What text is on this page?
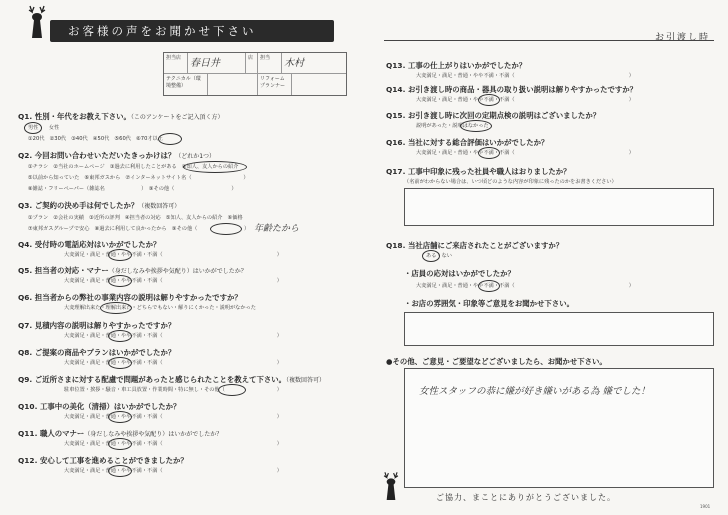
お客様の声をお聞かせ下さい	お引渡し時
担当店 春日井	店	担当	木村
テクニカル（環境整備）
リフォーム プランナー
Q1. 性別・年代をお教え下さい。（このアンケートをご記入頂く方）
男性　　女性
①20代　②30代　③40代　④50代　⑤60代　⑥70才以上
Q2. 今回お問い合わせいただいたきっかけは？（どれか1つ）
①チラシ　②当社のホームページ　③過去に利用したことがある　④知人、友人からの紹介
⑤以前から知っていた　⑥東邦ガスから　⑦インターネットサイト名（　　　　　　　　　　）
⑧雑誌・フリーペーパー（雑誌名　　　　　　　）　⑨その他（　　　　　　　　　　　）
Q3. ご契約の決め手は何でしたか？（複数回答可）
①プラン　②会社の実績　③近所の評判　④担当者の対応　⑤知人、友人からの紹介　⑥価格
⑦東邦ガスグループで安心　⑧過去に利用して良かったから　⑨その他（　　　　　　　　　） 年齢たから
Q4. 受付時の電話応対はいかがでしたか？
大変満足・満足・普通・やや不満・不満（　　　　　　　　　　　　　　　　　　　　　　）
Q5. 担当者の対応・マナー（身だしなみや挨拶や気配り）はいかがでしたか？
大変満足・満足・普通・やや不満・不満（　　　　　　　　　　　　　　　　　　　　　　）
Q6. 担当者からの弊社の事業内容の説明は解りやすかったですか？
大変理解出来た・理解出来た・どちらでもない・解りにくかった・説明がなかった
Q7. 見積内容の説明は解りやすかったですか？
大変満足・満足・普通・やや不満・不満（　　　　　　　　　　　　　　　　　　　　　　）
Q8. ご提案の商品やプランはいかがでしたか？
大変満足・満足・普通・やや不満・不満（　　　　　　　　　　　　　　　　　　　　　　）
Q9. ご近所さまに対する配慮で問題があったと感じられたことを教えて下さい。（複数回答可）
駐車位置・挨拶・騒音・車工具放置・作業時間・特に無し・その他（　　　　　　　　　　）
Q10. 工事中の美化（清掃）はいかがでしたか？
大変満足・満足・普通・やや不満・不満（　　　　　　　　　　　　　　　　　　　　　　）
Q11. 職人のマナー（身だしなみや挨拶や気配り）はいかがでしたか？
大変満足・満足・普通・やや不満・不満（　　　　　　　　　　　　　　　　　　　　　　）
Q12. 安心して工事を進めることができましたか？
大変満足・満足・普通・やや不満・不満（　　　　　　　　　　　　　　　　　　　　　　）
Q13. 工事の仕上がりはいかがでしたか？
大変満足・満足・普通・やや不満・不満（　　　　　　　　　　　　　　　　　　　　　　）
Q14. お引き渡し時の商品・器具の取り扱い説明は解りやすかったですか？
大変満足・満足・普通・やや不満・不満（　　　　　　　　　　　　　　　　　　　　　　）
Q15. お引き渡し時に次回の定期点検の説明はございましたか？
説明があった・説明はなかった
Q16. 当社に対する総合評価はいかがでしたか？
大変満足・満足・普通・やや不満・不満（　　　　　　　　　　　　　　　　　　　　　　）
Q17. 工事中印象に残った社員や職人はおりましたか？
（名前がわからない場合は、いつ頃どのような内容が印象に残ったのかをお書きください）
Q18. 当社店舗にご来店されたことがございますか？
ある・ない
・店員の応対はいかがでしたか？
大変満足・満足・普通・やや不満・不満（　　　　　　　　　　　　　　　　　　　　　　）
・お店の雰囲気・印象等ご意見をお聞かせ下さい。
●その他、ご意見・ご要望などございましたら、お聞かせ下さい。
女性スタッフの恭に嫌が好き嫌いがある為 嫌でした！
ご協力、まことにありがとうございました。
1901
